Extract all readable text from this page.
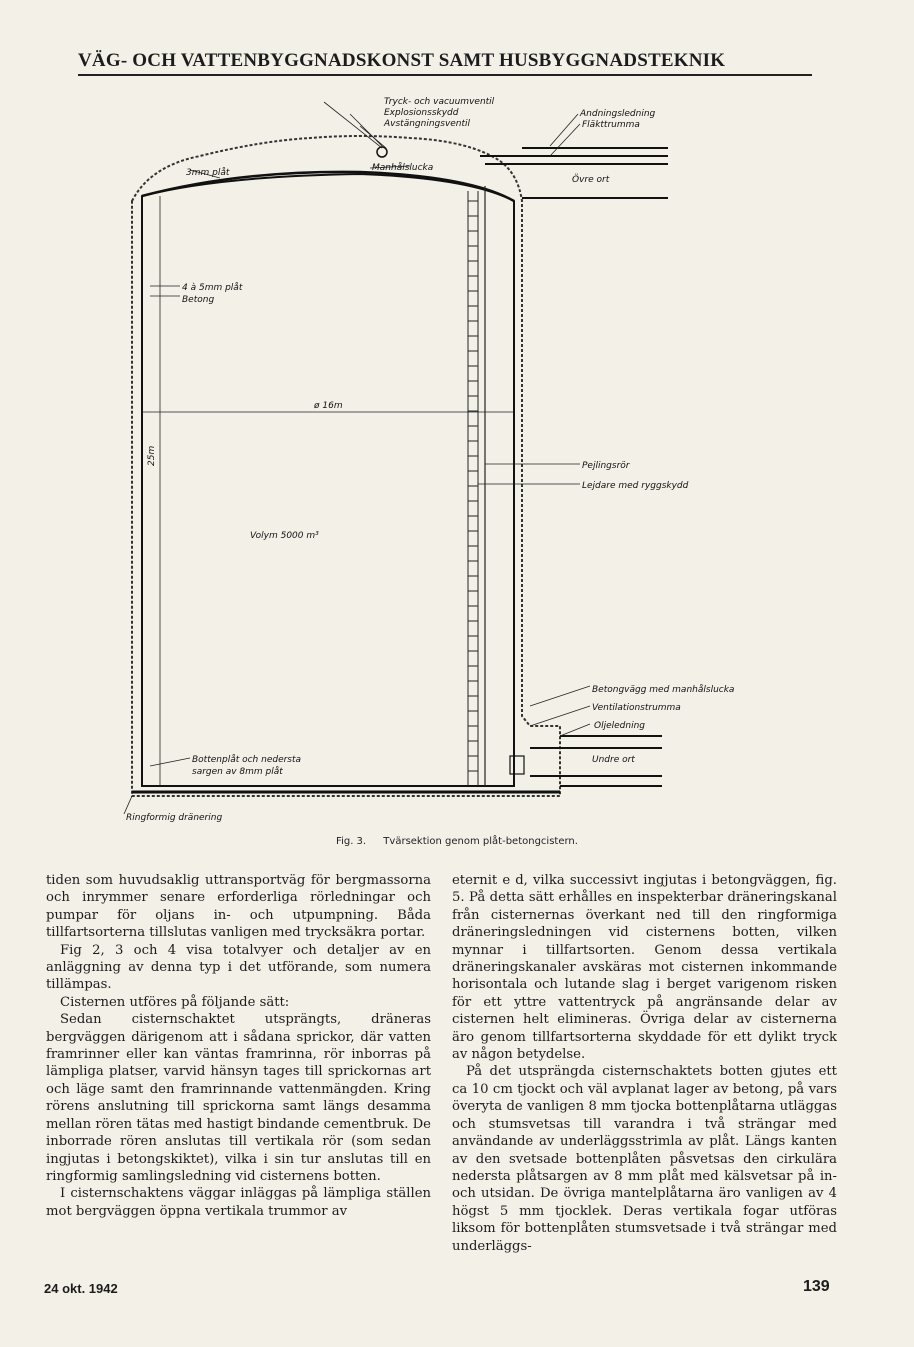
VÄG- OCH VATTENBYGGNADSKONST SAMT HUSBYGGNADSTEKNIK
Tryck- och vacuumventil
Explosionsskydd
Avstängningsventil
Andningsledning
Fläkttrumma
3mm plåt	Manhålslucka
Övre ort
4 à 5mm plåt
Betong
ø 16m
25m
Volym 5000 m³
Pejlingsrör
Lejdare med ryggskydd
Betongvägg med manhålslucka
Ventilationstrumma
Oljeledning
Undre ort
Bottenplåt och nedersta
sargen av 8mm plåt
Ringformig dränering
Fig. 3. Tvärsektion genom plåt-betongcistern.

tiden som huvudsaklig uttransportväg för bergmassorna och inrymmer senare erforderliga rörledningar och pumpar för oljans in- och utpumpning. Båda tillfartsorterna tillslutas vanligen med trycksäkra portar.

Fig 2, 3 och 4 visa totalvyer och detaljer av en anläggning av denna typ i det utförande, som numera tillämpas.

Cisternen utföres på följande sätt:

Sedan cisternschaktet utsprängts, dräneras bergväggen därigenom att i sådana sprickor, där vatten framrinner eller kan väntas framrinna, rör inborras på lämpliga platser, varvid hänsyn tages till sprickornas art och läge samt den framrinnande vattenmängden. Kring rörens anslutning till sprickorna samt längs desamma mellan rören tätas med hastigt bindande cementbruk. De inborrade rören anslutas till vertikala rör (som sedan ingjutas i betongskiktet), vilka i sin tur anslutas till en ringformig samlingsledning vid cisternens botten.

I cisternschaktens väggar inläggas på lämpliga ställen mot bergväggen öppna vertikala trummor av

eternit e d, vilka successivt ingjutas i betongväggen, fig. 5. På detta sätt erhålles en inspekterbar dräneringskanal från cisternernas överkant ned till den ringformiga dräneringsledningen vid cisternens botten, vilken mynnar i tillfartsorten. Genom dessa vertikala dräneringskanaler avskäras mot cisternen inkommande horisontala och lutande slag i berget varigenom risken för ett yttre vattentryck på angränsande delar av cisternen helt elimineras. Övriga delar av cisternerna äro genom tillfartsorterna skyddade för ett dylikt tryck av någon betydelse.

På det utsprängda cisternschaktets botten gjutes ett ca 10 cm tjockt och väl avplanat lager av betong, på vars överyta de vanligen 8 mm tjocka bottenplåtarna utläggas och stumsvetsas till varandra i två strängar med användande av underläggsstrimla av plåt. Längs kanten av den svetsade bottenplåten påsvetsas den cirkulära nedersta plåtsargen av 8 mm plåt med kälsvetsar på in- och utsidan. De övriga mantelplåtarna äro vanligen av 4 högst 5 mm tjocklek. Deras vertikala fogar utföras liksom för bottenplåten stumsvetsade i två strängar med underläggs-

24 okt. 1942	139
